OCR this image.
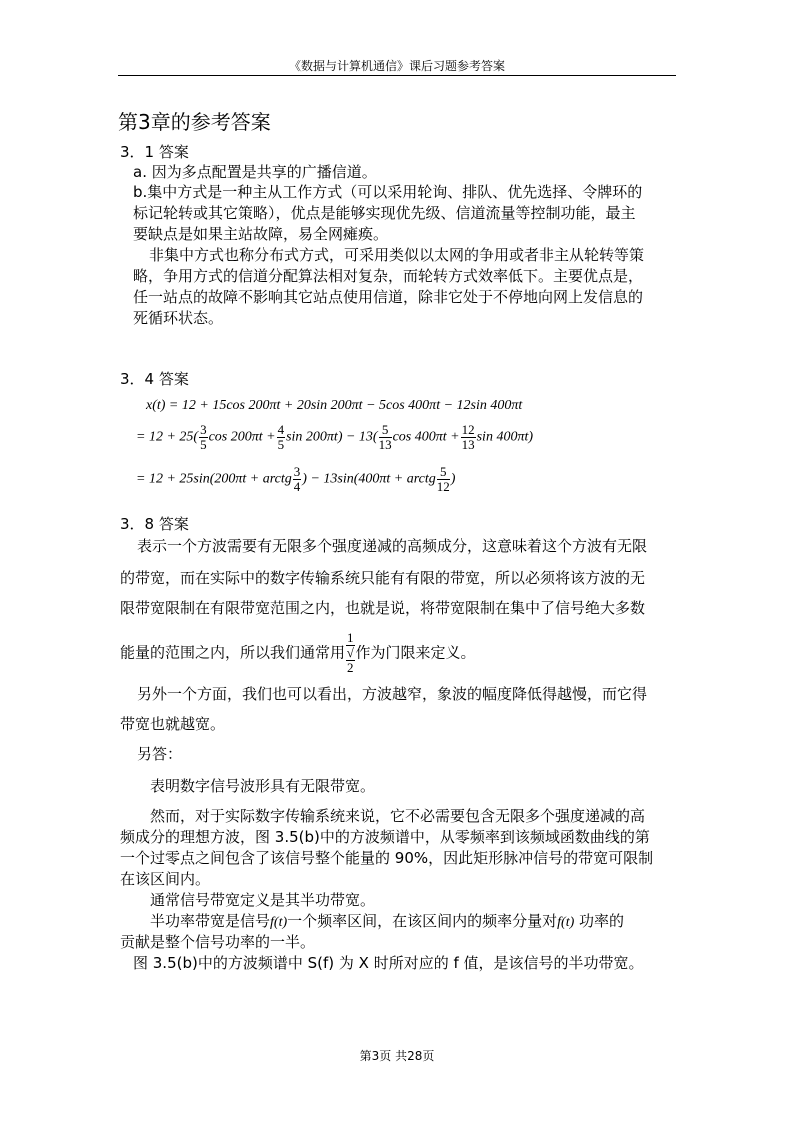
《数据与计算机通信》课后习题参考答案
第3章的参考答案
3．1 答案
a. 因为多点配置是共享的广播信道。
b.集中方式是一种主从工作方式（可以采用轮询、排队、优先选择、令牌环的
标记轮转或其它策略），优点是能够实现优先级、信道流量等控制功能，最主
要缺点是如果主站故障，易全网瘫痪。
非集中方式也称分布式方式，可采用类似以太网的争用或者非主从轮转等策
略，争用方式的信道分配算法相对复杂，而轮转方式效率低下。主要优点是，
任一站点的故障不影响其它站点使用信道，除非它处于不停地向网上发信息的
死循环状态。
3．4 答案
x(t) = 12 + 15cos 200πt + 20sin 200πt − 5cos 400πt − 12sin 400πt
= $12 + 25( \frac{3}{5}$ $\cos 200\pi t + \frac{4}{5}$ $\sin 200\pi t) - 13( \frac{5}{13}$ $\cos 400\pi t + \frac{12}{13}$ sin 400πt)
= 12 + 25sin(200πt + arctg $\frac{3}{4}$ ) − 13sin(400πt + arctg $\frac{5}{12}$ )
3．8 答案
表示一个方波需要有无限多个强度递减的高频成分，这意味着这个方波有无限
的带宽，而在实际中的数字传输系统只能有有限的带宽，所以必须将该方波的无
限带宽限制在有限带宽范围之内，也就是说，将带宽限制在集中了信号绝大多数
能量的范围之内，所以我们通常用 1
√
2 作为门限来定义。
另外一个方面，我们也可以看出，方波越窄，象波的幅度降低得越慢，而它得
带宽也就越宽。
另答：
表明数字信号波形具有无限带宽。
然而，对于实际数字传输系统来说，它不必需要包含无限多个强度递减的高
频成分的理想方波，图 3.5(b)中的方波频谱中，从零频率到该频域函数曲线的第
一个过零点之间包含了该信号整个能量的 90%，因此矩形脉冲信号的带宽可限制
在该区间内。
通常信号带宽定义是其半功带宽。
半功率带宽是信号f(t)一个频率区间，在该区间内的频率分量对f(t) 功率的
贡献是整个信号功率的一半。
图 3.5(b)中的方波频谱中 S(f) 为 X 时所对应的 f 值，是该信号的半功带宽。
第3页 共28页
